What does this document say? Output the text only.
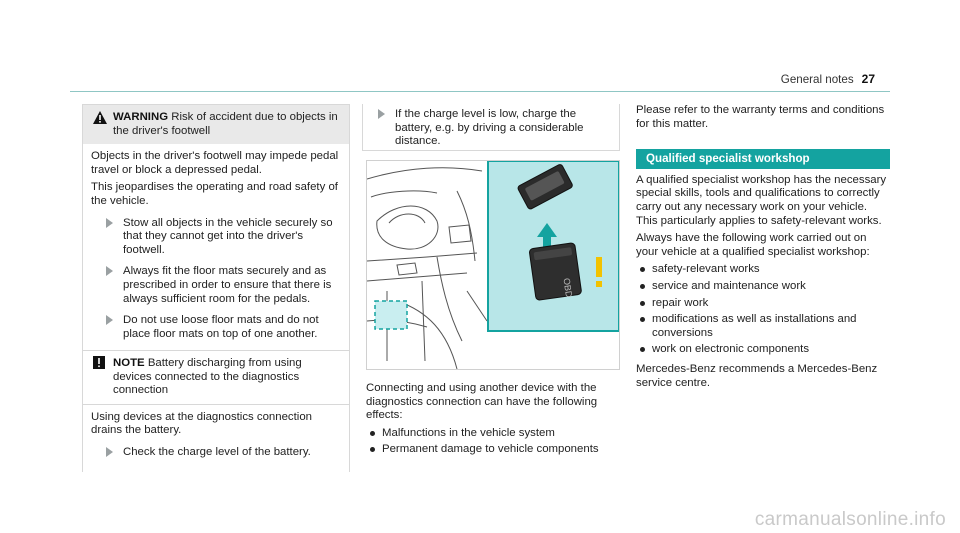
General notes 27
WARNING Risk of accident due to objects in the driver's footwell

Objects in the driver's footwell may impede pedal travel or block a depressed pedal.

This jeopardises the operating and road safety of the vehicle.

Stow all objects in the vehicle securely so that they cannot get into the driver's footwell.
Always fit the floor mats securely and as prescribed in order to ensure that there is always sufficient room for the pedals.
Do not use loose floor mats and do not place floor mats on top of one another.
NOTE Battery discharging from using devices connected to the diagnostics connection

Using devices at the diagnostics connection drains the battery.

Check the charge level of the battery.
If the charge level is low, charge the battery, e.g. by driving a considerable distance.
OBD

Connecting and using another device with the diagnostics connection can have the following effects:

Malfunctions in the vehicle system
Permanent damage to vehicle components

Please refer to the warranty terms and conditions for this matter.

Qualified specialist workshop

A qualified specialist workshop has the necessary special skills, tools and qualifications to correctly carry out any necessary work on your vehicle. This particularly applies to safety-relevant works.

Always have the following work carried out on your vehicle at a qualified specialist workshop:

safety-relevant works
service and maintenance work
repair work
modifications as well as installations and conversions
work on electronic components

Mercedes-Benz recommends a Mercedes-Benz service centre.

carmanualsonline.info
